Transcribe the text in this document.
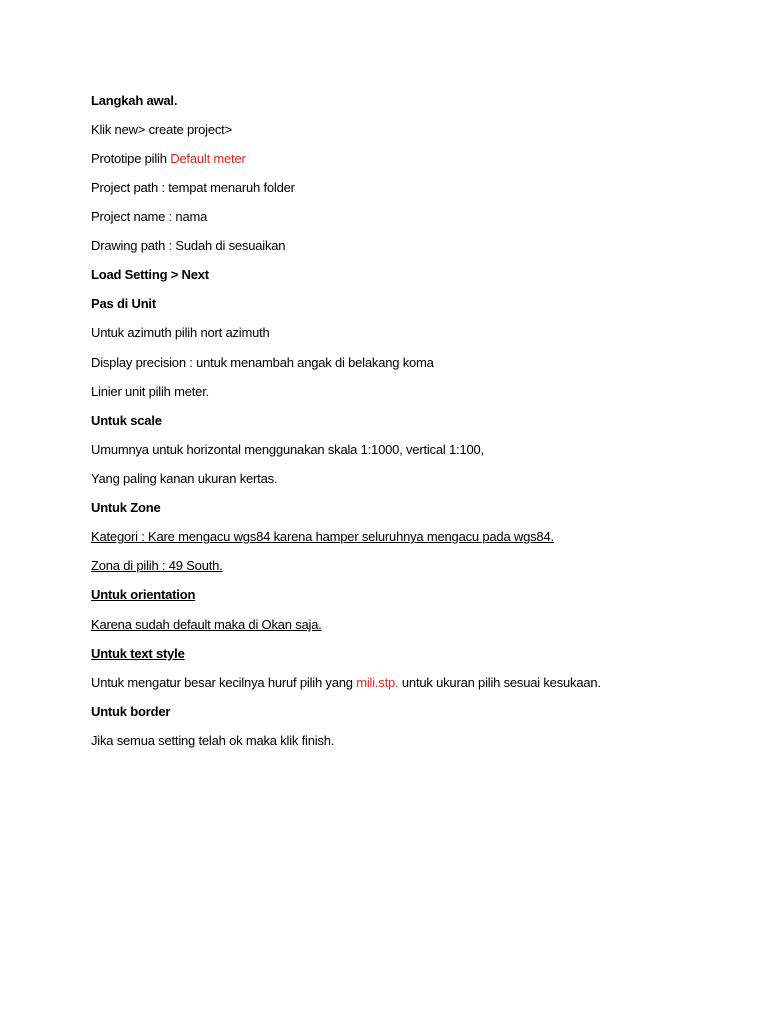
Langkah awal.
Klik new> create project>
Prototipe pilih Default meter
Project path : tempat menaruh folder
Project name : nama
Drawing path : Sudah di sesuaikan
Load Setting > Next
Pas di Unit
Untuk azimuth pilih nort azimuth
Display precision : untuk menambah angak di belakang koma
Linier unit pilih meter.
Untuk scale
Umumnya untuk horizontal menggunakan skala 1:1000, vertical 1:100,
Yang paling kanan ukuran kertas.
Untuk Zone
Kategori : Kare mengacu wgs84 karena hamper seluruhnya mengacu pada wgs84.
Zona di pilih : 49 South.
Untuk orientation
Karena sudah default maka di Okan saja.
Untuk text style
Untuk mengatur besar kecilnya huruf pilih yang mili.stp. untuk ukuran pilih sesuai kesukaan.
Untuk border
Jika semua setting telah ok maka klik finish.
